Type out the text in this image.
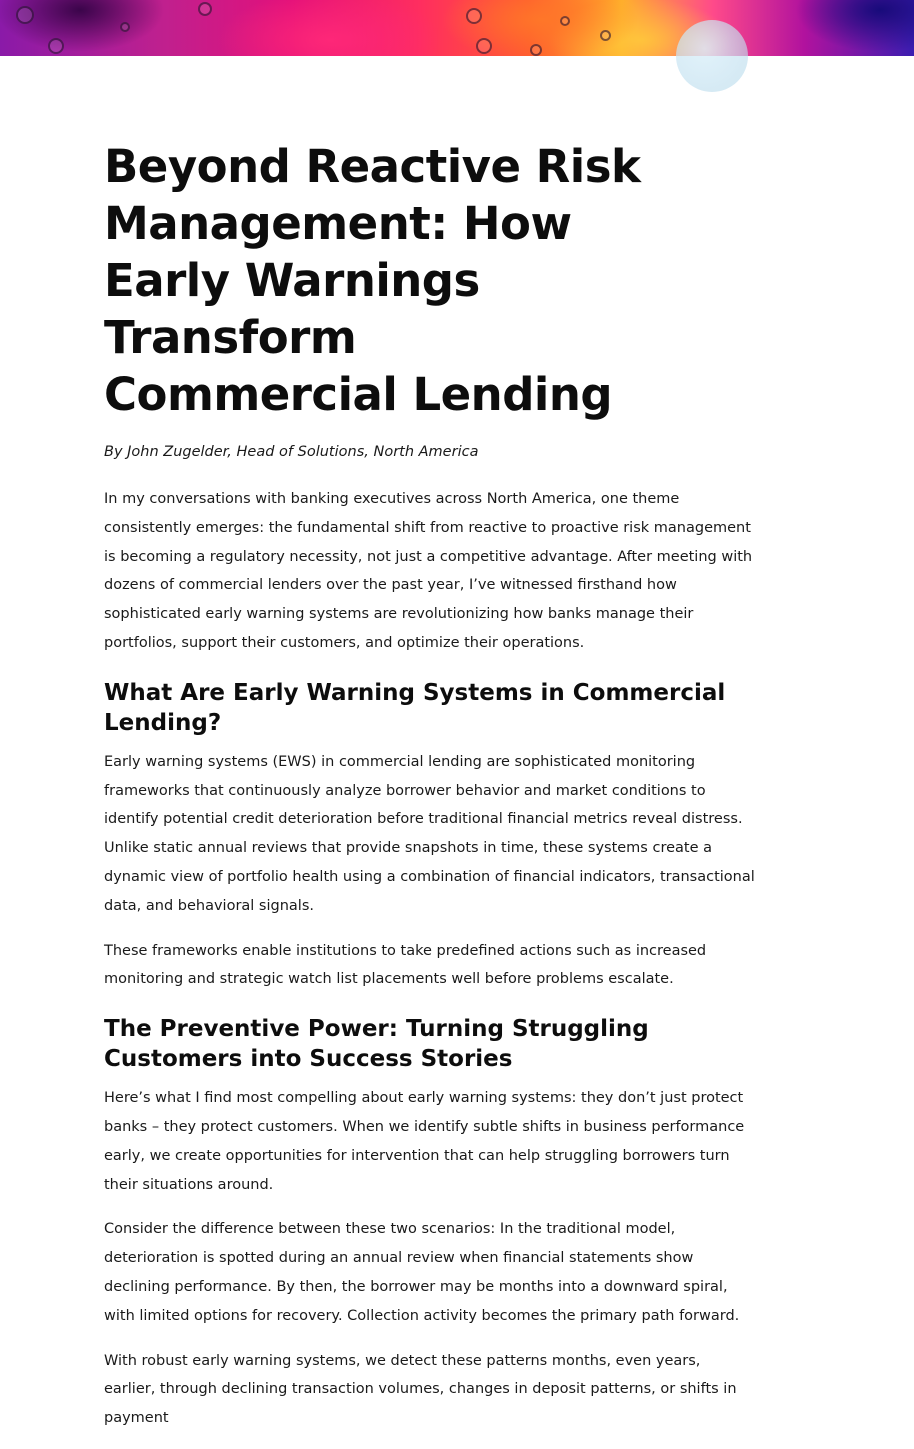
Beyond Reactive Risk Management: How Early Warnings Transform Commercial Lending

By John Zugelder, Head of Solutions, North America

In my conversations with banking executives across North America, one theme consistently emerges: the fundamental shift from reactive to proactive risk management is becoming a regulatory necessity, not just a competitive advantage. After meeting with dozens of commercial lenders over the past year, I’ve witnessed firsthand how sophisticated early warning systems are revolutionizing how banks manage their portfolios, support their customers, and optimize their operations.

What Are Early Warning Systems in Commercial Lending?

Early warning systems (EWS) in commercial lending are sophisticated monitoring frameworks that continuously analyze borrower behavior and market conditions to identify potential credit deterioration before traditional financial metrics reveal distress. Unlike static annual reviews that provide snapshots in time, these systems create a dynamic view of portfolio health using a combination of financial indicators, transactional data, and behavioral signals.

These frameworks enable institutions to take predefined actions such as increased monitoring and strategic watch list placements well before problems escalate.

The Preventive Power: Turning Struggling Customers into Success Stories

Here’s what I find most compelling about early warning systems: they don’t just protect banks – they protect customers. When we identify subtle shifts in business performance early, we create opportunities for intervention that can help struggling borrowers turn their situations around.

Consider the difference between these two scenarios: In the traditional model, deterioration is spotted during an annual review when financial statements show declining performance. By then, the borrower may be months into a downward spiral, with limited options for recovery. Collection activity becomes the primary path forward.

With robust early warning systems, we detect these patterns months, even years, earlier, through declining transaction volumes, changes in deposit patterns, or shifts in payment
